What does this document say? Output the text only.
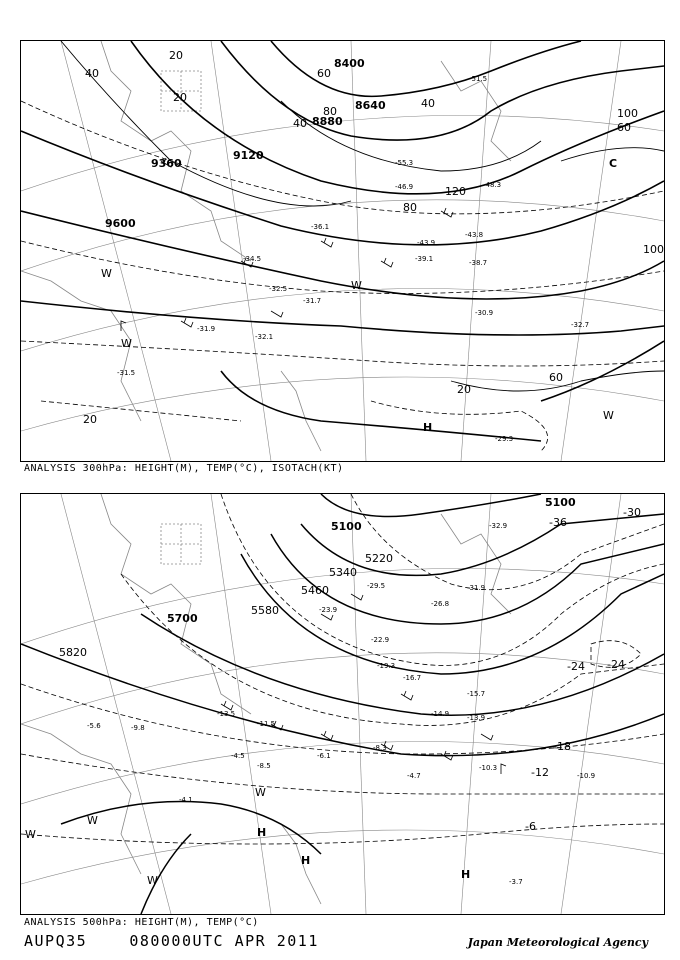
8400
8640
8880
9120
9360
9600
20
40	60
80	100
120
20
40	60
80
100
20
40
60
20
-51.5
-55.3
-48.3
-46.9
-43.9
-43.8
-39.1	-38.7
-36.1
-34.5
-32.5
-31.7
-31.9
-32.1
-30.9
-32.7
-31.5
-29.3
H
C
W
W
W
W
ANALYSIS 300hPa: HEIGHT(M), TEMP(°C), ISOTACH(KT)
5100
5100
5220
5340
5460
5580
5700
5820
-36
-30
-24 -24
-18
-12
-6
-31.9
-32.9
-29.5
-26.8
-23.9
-22.9
-19.3
-16.7
-15.7
-14.9	-13.9
-10.3
-10.9
-8.3
-6.1
-4.7
-4.5
-4.1
-3.7
-13.5
-11.5
-9.8
-5.6
-8.5
H
H
H
W
W
W
W
ANALYSIS 500hPa: HEIGHT(M), TEMP(°C)
AUPQ35	080000UTC APR 2011	Japan Meteorological Agency
